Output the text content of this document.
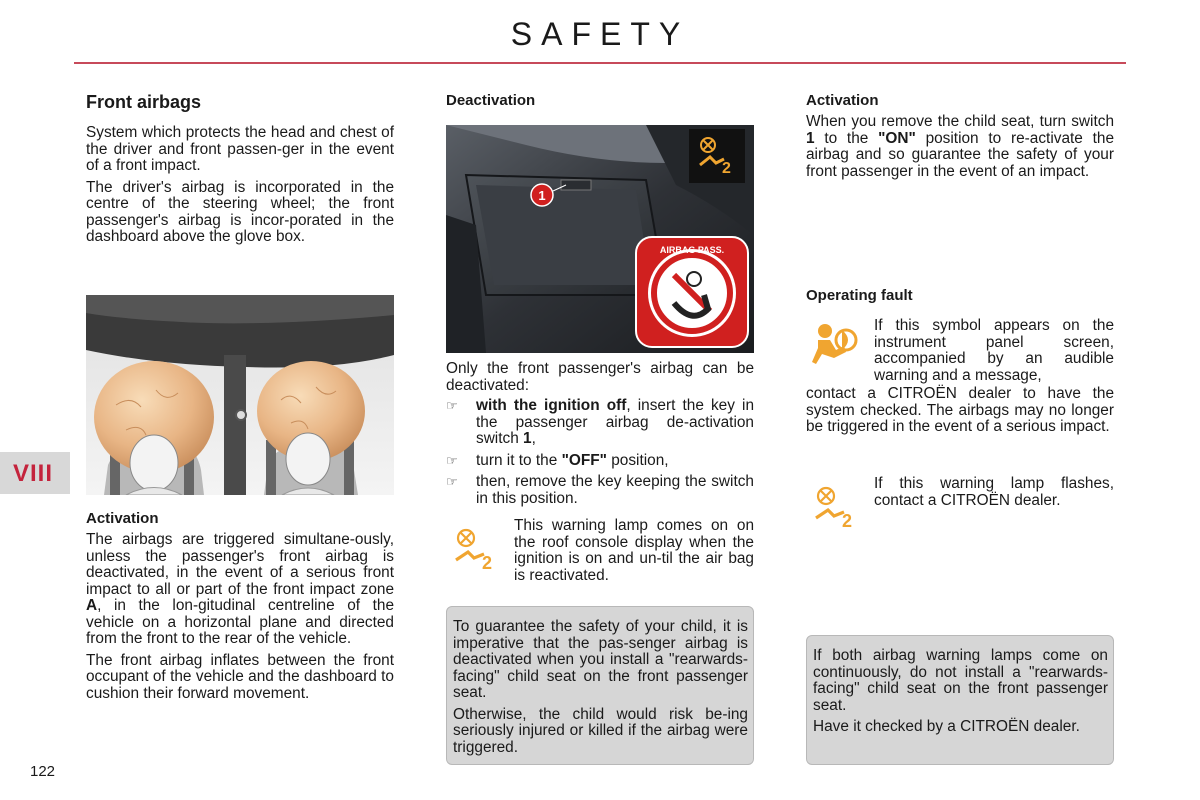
SAFETY
VIII
122
Front airbags

System which protects the head and chest of the driver and front passen-ger in the event of a front impact.

The driver's airbag is incorporated in the centre of the steering wheel; the front passenger's airbag is incor-porated in the dashboard above the glove box.

Activation

The airbags are triggered simultane-ously, unless the passenger's front airbag is deactivated, in the event of a serious front impact to all or part of the front impact zone A, in the lon-gitudinal centreline of the vehicle on a horizontal plane and directed from the front to the rear of the vehicle.

The front airbag inflates between the front occupant of the vehicle and the dashboard to cushion their forward movement.

Deactivation
1
2
AIRBAG PASS.

Only the front passenger's airbag can be deactivated:

☞ with the ignition off, insert the key in the passenger airbag de-activation switch 1,
☞ turn it to the "OFF" position,
☞ then, remove the key keeping the switch in this position.
2

This warning lamp comes on on the roof console display when the ignition is on and un-til the air bag is reactivated.

To guarantee the safety of your child, it is imperative that the pas-senger airbag is deactivated when you install a "rearwards-facing" child seat on the front passenger seat.

Otherwise, the child would risk be-ing seriously injured or killed if the airbag were triggered.

Activation

When you remove the child seat, turn switch 1 to the "ON" position to re-activate the airbag and so guarantee the safety of your front passenger in the event of an impact.

Operating fault

If this symbol appears on the instrument panel screen, accompanied by an audible warning and a message,

contact a CITROËN dealer to have the system checked. The airbags may no longer be triggered in the event of a serious impact.

2

If this warning lamp flashes, contact a CITROËN dealer.

If both airbag warning lamps come on continuously, do not install a "rearwards-facing" child seat on the front passenger seat.

Have it checked by a CITROËN dealer.
